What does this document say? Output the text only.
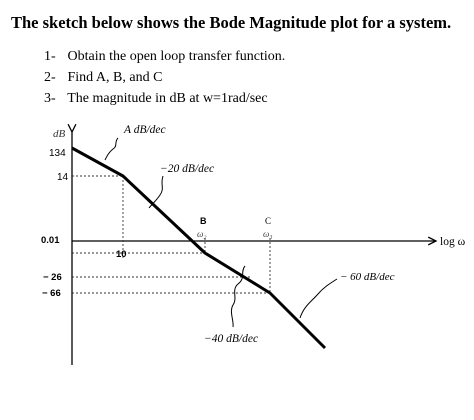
The sketch below shows the Bode Magnitude plot for a system.
1- Obtain the open loop transfer function.
2- Find A, B, and C
3- The magnitude in dB at w=1rad/sec
dB
log ω
134
14
0.01
− 26
− 66
10
A dB/dec
−20 dB/dec
−40 dB/dec
− 60 dB/dec
B
ω₂
C
ω₃
